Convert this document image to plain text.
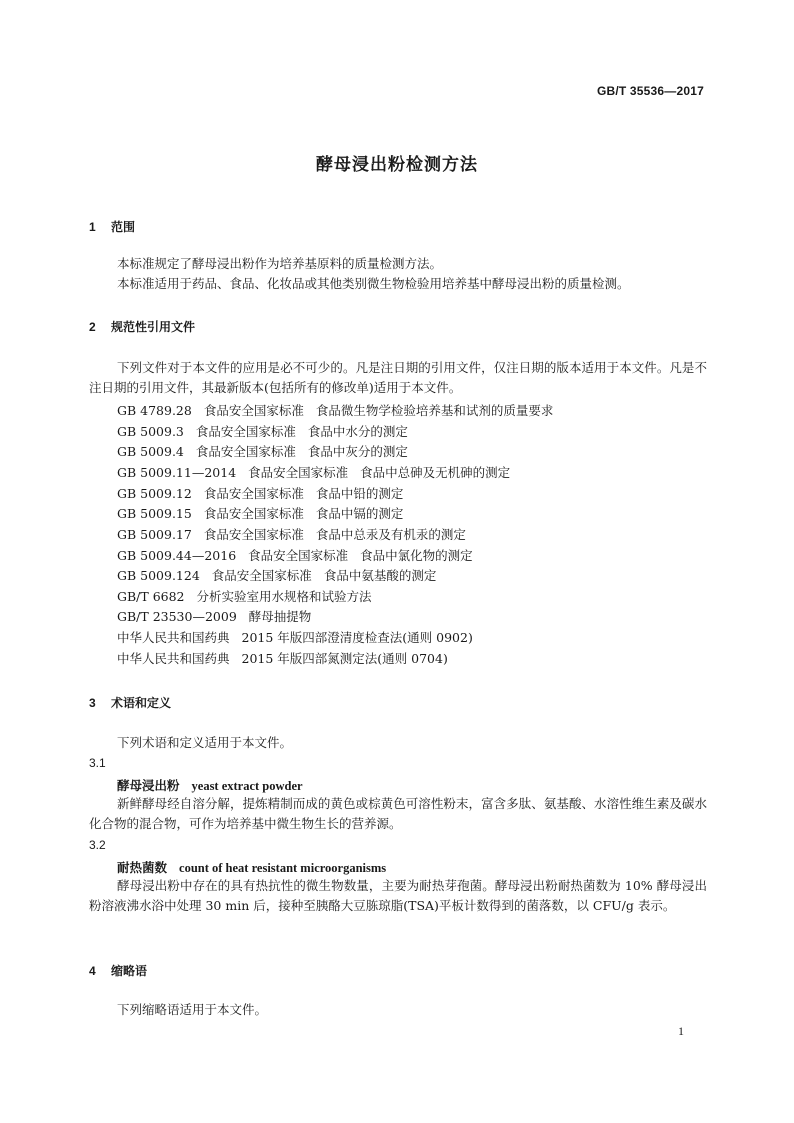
GB/T 35536—2017
酵母浸出粉检测方法
1 范围
本标准规定了酵母浸出粉作为培养基原料的质量检测方法。
本标准适用于药品、食品、化妆品或其他类别微生物检验用培养基中酵母浸出粉的质量检测。
2 规范性引用文件
下列文件对于本文件的应用是必不可少的。凡是注日期的引用文件，仅注日期的版本适用于本文件。凡是不注日期的引用文件，其最新版本(包括所有的修改单)适用于本文件。
GB 4789.28 食品安全国家标准 食品微生物学检验培养基和试剂的质量要求
GB 5009.3 食品安全国家标准 食品中水分的测定
GB 5009.4 食品安全国家标准 食品中灰分的测定
GB 5009.11—2014 食品安全国家标准 食品中总砷及无机砷的测定
GB 5009.12 食品安全国家标准 食品中铅的测定
GB 5009.15 食品安全国家标准 食品中镉的测定
GB 5009.17 食品安全国家标准 食品中总汞及有机汞的测定
GB 5009.44—2016 食品安全国家标准 食品中氯化物的测定
GB 5009.124 食品安全国家标准 食品中氨基酸的测定
GB/T 6682 分析实验室用水规格和试验方法
GB/T 23530—2009 酵母抽提物
中华人民共和国药典 2015 年版四部澄清度检查法(通则 0902)
中华人民共和国药典 2015 年版四部氮测定法(通则 0704)
3 术语和定义
下列术语和定义适用于本文件。
3.1
酵母浸出粉 yeast extract powder
新鲜酵母经自溶分解，提炼精制而成的黄色或棕黄色可溶性粉末，富含多肽、氨基酸、水溶性维生素及碳水化合物的混合物，可作为培养基中微生物生长的营养源。
3.2
耐热菌数 count of heat resistant microorganisms
酵母浸出粉中存在的具有热抗性的微生物数量，主要为耐热芽孢菌。酵母浸出粉耐热菌数为 10% 酵母浸出粉溶液沸水浴中处理 30 min 后，接种至胰酪大豆胨琼脂(TSA)平板计数得到的菌落数，以 CFU/g 表示。
4 缩略语
下列缩略语适用于本文件。
1
